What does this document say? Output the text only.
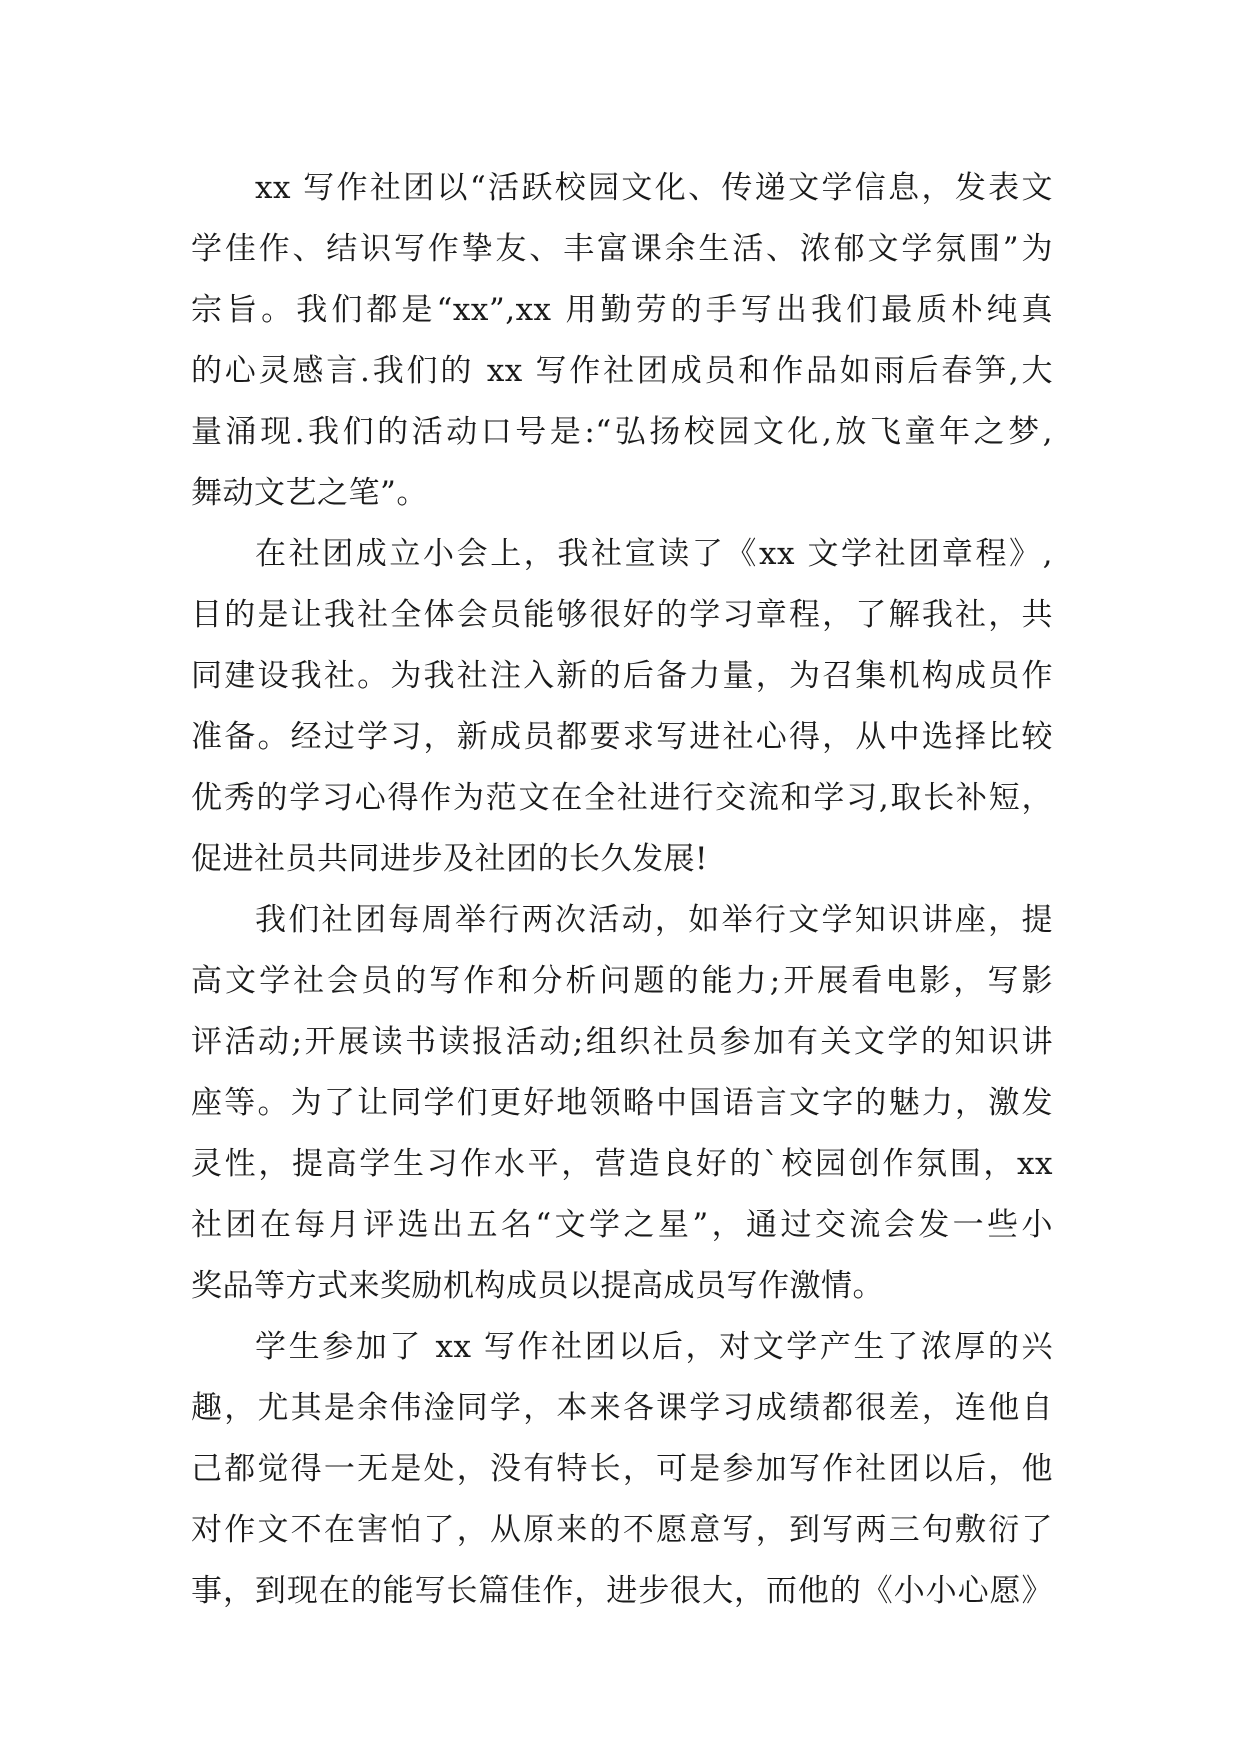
xx 写作社团以“活跃校园文化、传递文学信息，发表文
学佳作、结识写作挚友、丰富课余生活、浓郁文学氛围”为
宗旨。我们都是“xx”,xx 用勤劳的手写出我们最质朴纯真
的心灵感言.我们的 xx 写作社团成员和作品如雨后春笋,大
量涌现.我们的活动口号是:“弘扬校园文化,放飞童年之梦,
舞动文艺之笔”。
在社团成立小会上，我社宣读了《xx 文学社团章程》,
目的是让我社全体会员能够很好的学习章程，了解我社，共
同建设我社。为我社注入新的后备力量，为召集机构成员作
准备。经过学习，新成员都要求写进社心得，从中选择比较
优秀的学习心得作为范文在全社进行交流和学习,取长补短，
促进社员共同进步及社团的长久发展!
我们社团每周举行两次活动，如举行文学知识讲座，提
高文学社会员的写作和分析问题的能力;开展看电影，写影
评活动;开展读书读报活动;组织社员参加有关文学的知识讲
座等。为了让同学们更好地领略中国语言文字的魅力，激发
灵性，提高学生习作水平，营造良好的`校园创作氛围，xx
社团在每月评选出五名“文学之星”，通过交流会发一些小
奖品等方式来奖励机构成员以提高成员写作激情。
学生参加了 xx 写作社团以后，对文学产生了浓厚的兴
趣，尤其是余伟淦同学，本来各课学习成绩都很差，连他自
己都觉得一无是处，没有特长，可是参加写作社团以后，他
对作文不在害怕了，从原来的不愿意写，到写两三句敷衍了
事，到现在的能写长篇佳作，进步很大，而他的《小小心愿》
